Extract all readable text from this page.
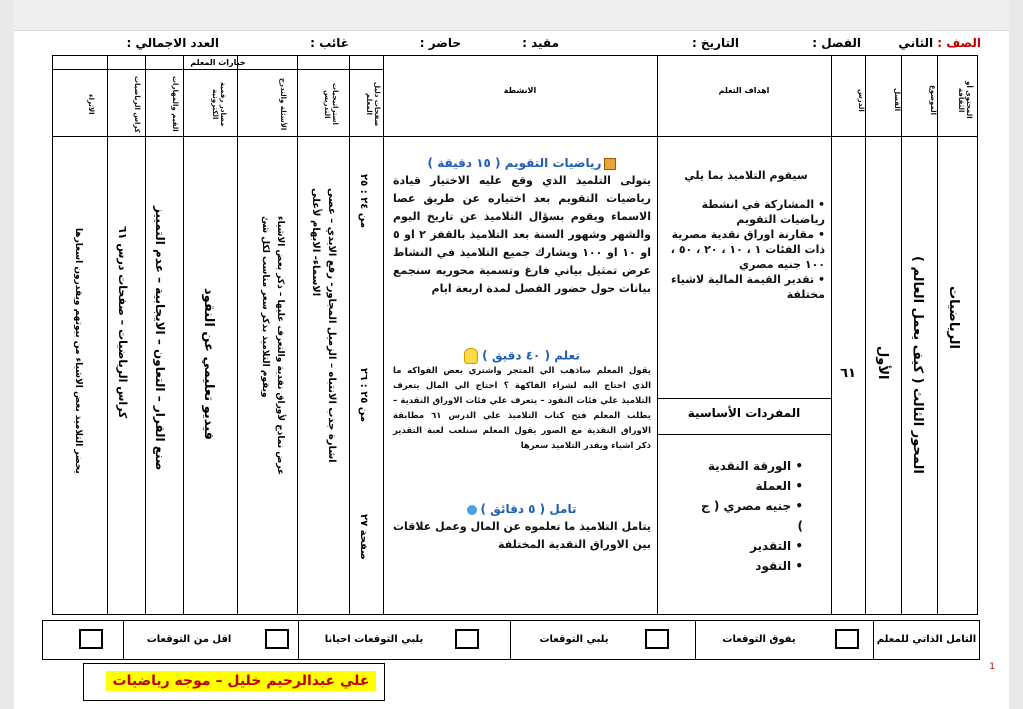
الصف : الثاني
الفصل :
التاريخ :
مقيد :
حاضر :
غائب :
العدد الاجمالي :
خيارات المعلم
المحتوى أو الثقافة
الموضوع
الفصل
الدرس
اهداف التعلم
الانشطة
صفحات دليل المعلم
استراتيجيات التدريس
الأسئلة والتدرج
مصادر رقمية الكترونية
القيم والمهارات
كراس الرياضيات
الاثراء
الرياضيات
المحور الثالث ( كيف يعمل العالم )
الأول
٦١
سيقوم التلاميذ بما يلي
• المشاركة في انشطة رياضيات التقويم
• مقارنة اوراق نقدية مصرية ذات الفئات ١ ، ١٠ ، ٢٠ ، ٥٠ ، ١٠٠ جنيه مصري
• تقدير القيمة المالية لاشياء مختلفة
المفردات الأساسية
• الورقة النقدية
• العملة
• جنيه مصري ( ج )
• التقدير
• النقود
رياضيات التقويم ( ١٥ دقيقة )
يتولى التلميذ الذي وقع عليه الاختيار قيادة رياضيات التقويم بعد اختياره عن طريق عصا الاسماء ويقوم بسؤال التلاميذ عن تاريخ اليوم والشهر وشهور السنة بعد التلاميذ بالقفز ٢ او ٥ او ١٠ او ١٠٠ ويشارك جميع التلاميذ في النشاط عرض تمثيل بياني فارغ وتسمية محوريه سنجمع بيانات حول حضور الفصل لمدة اربعة ايام
تعلم ( ٤٠ دقيق )
يقول المعلم ساذهب الي المتجر واشتري بعض الفواكه ما الذي احتاج اليه لشراء الفاكهة ؟ احتاج الي المال يتعرف التلاميذ علي فئات النقود – يتعرف علي فئات الاوراق النقدية – يطلب المعلم فتح كتاب التلاميذ علي الدرس ٦١ مطابقة الاوراق النقدية مع الصور يقول المعلم سنلعب لعبة التقدير ذكر اشياء ويقدر التلاميذ سعرها
تامل ( ٥ دقائق )
يتامل التلاميذ ما تعلموه عن المال وعمل علاقات بين الاوراق النقدية المختلفة
من ٢٤ : ٢٥
من ٢٥ : ٢٦
صفحة ٢٧
اشارة جذب الانتباه – الزميل المجاور- رفع الايدي – عصى الاسماء- الابهام لأعلى
عرض نماذج لأوراق نقدية والتعرف عليها – ذكر بعض الاشياء ويقوم التلاميذ بذكر سعر مناسب لكل شئ
فيديو تعليمي عن النقود
صنع القرار – التعاون – الايجابية – عدم التمييز
كراس الرياضيات – صفحات درس ٦١
يحضر التلاميذ بعض الاشياء من بيوتهم ويقدرون اسعارها
التامل الذاتي للمعلم
يفوق التوقعات
يلبي التوقعات
يلبي التوقعات احيانا
اقل من التوقعات
1
علي عبدالرحيم خليل – موجه رياضيات
